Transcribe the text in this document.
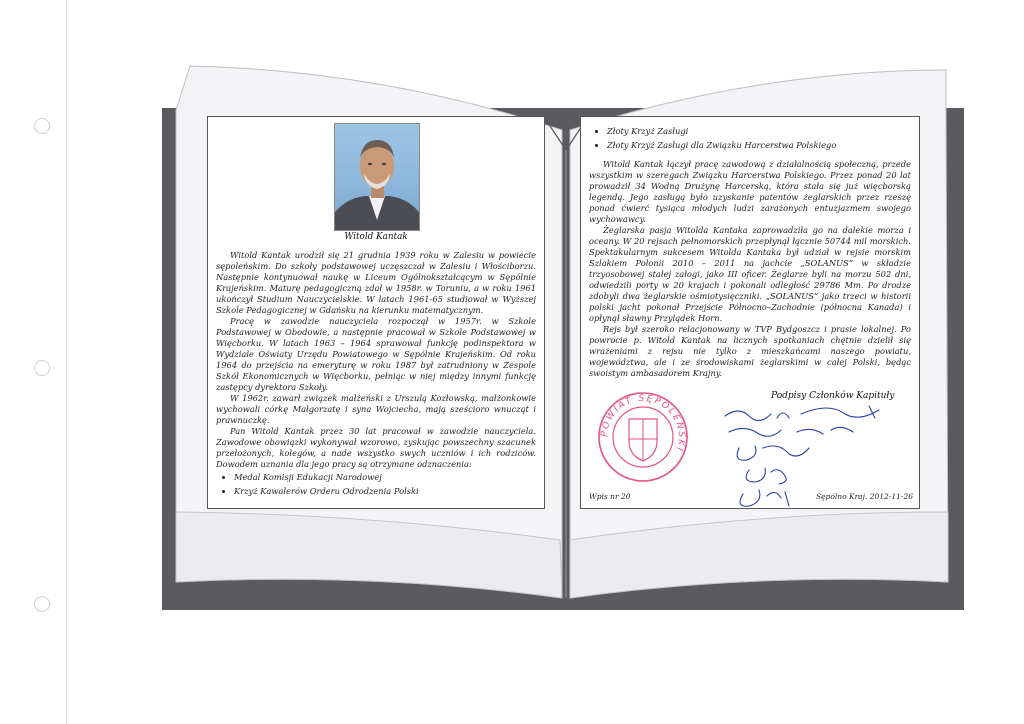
Witold Kantak

Witold Kantak urodził się 21 grudnia 1939 roku w Zalesiu w powiecie sępoleńskim. Do szkoły podstawowej uczęszczał w Zalesiu i Włościborzu. Następnie kontynuował naukę w Liceum Ogólnokształcącym w Sępólnie Krajeńskim. Maturę pedagogiczną zdał w 1958r. w Toruniu, a w roku 1961 ukończył Studium Nauczycielskie. W latach 1961-65 studiował w Wyższej Szkole Pedagogicznej w Gdańsku na kierunku matematycznym.

Pracę w zawodzie nauczyciela rozpoczął w 1957r. w Szkole Podstawowej w Obodowie, a następnie pracował w Szkole Podstawowej w Więcborku. W latach 1963 – 1964 sprawował funkcję podinspektora w Wydziale Oświaty Urzędu Powiatowego w Sępólnie Krajeńskim. Od roku 1964 do przejścia na emeryturę w roku 1987 był zatrudniony w Zespole Szkół Ekonomicznych w Więcborku, pełniąc w niej między innymi funkcję zastępcy dyrektora Szkoły.

W 1962r. zawarł związek małżeński z Urszulą Kozłowską, małżonkowie wychowali córkę Małgorzatę i syna Wojciecha, mają sześcioro wnucząt i prawnuczkę.

Pan Witold Kantak przez 30 lat pracował w zawodzie nauczyciela. Zawodowe obowiązki wykonywał wzorowo, zyskując powszechny szacunek przełożonych, kolegów, a nade wszystko swych uczniów i ich rodziców. Dowodem uznania dla jego pracy są otrzymane odznaczenia:

• Medal Komisji Edukacji Narodowej
• Krzyż Kawalerów Orderu Odrodzenia Polski
• Złoty Krzyż Zasługi
• Złoty Krzyż Zasługi dla Związku Harcerstwa Polskiego

Witold Kantak łączył pracę zawodową z działalnością społeczną, przede wszystkim w szeregach Związku Harcerstwa Polskiego. Przez ponad 20 lat prowadził 34 Wodną Drużynę Harcerską, która stała się już więcborską legendą. Jego zasługą było uzyskanie patentów żeglarskich przez rzeszę ponad ćwierć tysiąca młodych ludzi zarażonych entuzjazmem swojego wychowawcy.

Żeglarska pasja Witolda Kantaka zaprowadziła go na dalekie morza i oceany. W 20 rejsach pełnomorskich przepłynął łącznie 50744 mil morskich. Spektakularnym sukcesem Witolda Kantaka był udział w rejsie morskim Szlakiem Polonii 2010 – 2011 na jachcie „SOLANUS” w składzie trzyosobowej stałej załogi, jako III oficer. Żeglarze byli na morzu 502 dni, odwiedzili porty w 20 krajach i pokonali odległość 29786 Mm. Po drodze zdobyli dwa żeglarskie ośmiotysięczniki. „SOLANUS” jako trzeci w historii polski jacht pokonał Przejście Północno–Zachodnie (północna Kanada) i opłynął sławny Przylądek Horn.

Rejs był szeroko relacjonowany w TVP Bydgoszcz i prasie lokalnej. Po powrocie p. Witold Kantak na licznych spotkaniach chętnie dzielił się wrażeniami z rejsu nie tylko z mieszkańcami naszego powiatu, województwa, ale i ze środowiskami żeglarskimi w całej Polski, będąc swoistym ambasadorem Krajny.

POWIAT SĘPOLEŃSKI
Podpisy Członków Kapituły
Wpis nr 20	Sępólno Kraj. 2012-11-26
